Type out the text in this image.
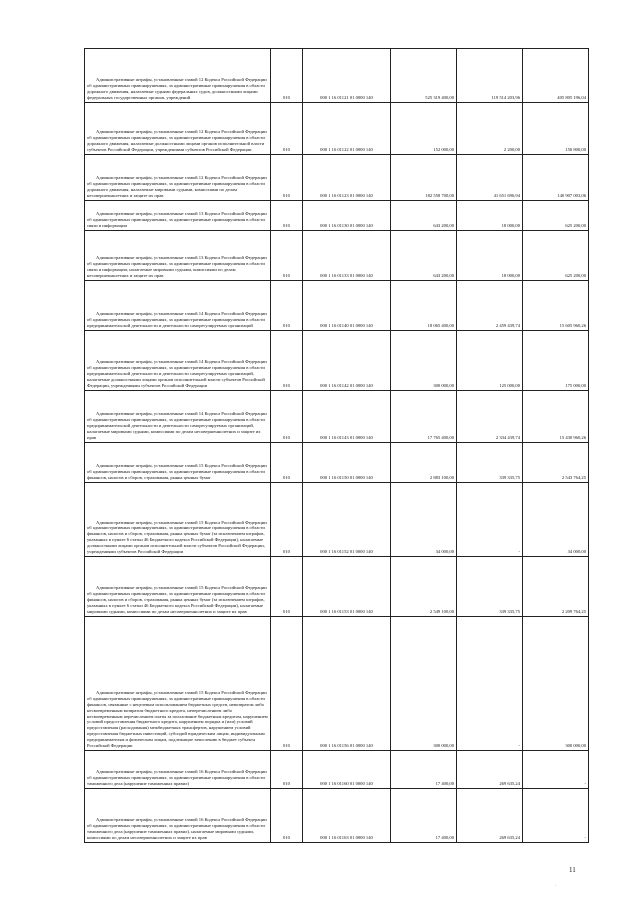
Административные штрафы, установленные главой 12 Кодекса Российской Федерации об административных правонарушениях, за административные правонарушения в области дорожного движения, налагаемые судьями федеральных судов, должностными лицами федеральных государственных органов, учреждений	010	000 1 16 01121 01 0000 140	525 319 400,00	119 514 203,96	405 805 196,04

Административные штрафы, установленные главой 12 Кодекса Российской Федерации об административных правонарушениях, за административные правонарушения в области дорожного движения, налагаемые должностными лицами органов исполнительной власти субъектов Российской Федерации, учреждениями субъектов Российской Федерации	010	000 1 16 01122 01 0000 140	152 000,00	2 200,00	150 800,00

Административные штрафы, установленные главой 12 Кодекса Российской Федерации об административных правонарушениях, за административные правонарушения в области дорожного движения, налагаемые мировыми судьями, комиссиями по делам несовершеннолетних и защите их прав	010	000 1 16 01123 01 0000 140	182 558 700,00	41 651 696,94	140 907 003,06

Административные штрафы, установленные главой 13 Кодекса Российской Федерации об административных правонарушениях, за административные правонарушения в области связи и информации	010	000 1 16 01130 01 0000 140	643 200,00	18 000,00	625 200,00

Административные штрафы, установленные главой 13 Кодекса Российской Федерации об административных правонарушениях, за административные правонарушения в области связи и информации, налагаемые мировыми судьями, комиссиями по делам несовершеннолетних и защите их прав	010	000 1 16 01133 01 0000 140	643 200,00	18 000,00	625 200,00

Административные штрафы, установленные главой 14 Кодекса Российской Федерации об административных правонарушениях, за административные правонарушения в области предпринимательской деятельности и деятельности саморегулируемых организаций	010	000 1 16 01140 01 0000 140	18 065 400,00	2 459 439,74	15 605 960,26

Административные штрафы, установленные главой 14 Кодекса Российской Федерации об административных правонарушениях, за административные правонарушения в области предпринимательской деятельности и деятельности саморегулируемых организаций, налагаемые должностными лицами органов исполнительной власти субъектов Российской Федерации, учреждениями субъектов Российской Федерации	010	000 1 16 01142 01 0000 140	300 000,00	125 000,00	175 000,00

Административные штрафы, установленные главой 14 Кодекса Российской Федерации об административных правонарушениях, за административные правонарушения в области предпринимательской деятельности и деятельности саморегулируемых организаций, налагаемые мировыми судьями, комиссиями по делам несовершеннолетних и защите их прав	010	000 1 16 01143 01 0000 140	17 765 400,00	2 334 439,74	15 430 960,26

Административные штрафы, установленные главой 15 Кодекса Российской Федерации об административных правонарушениях, за административные правонарушения в области финансов, налогов и сборов, страхования, рынка ценных бумаг	010	000 1 16 01150 01 0000 140	2 883 100,00	339 335,75	2 543 764,25

Административные штрафы, установленные главой 15 Кодекса Российской Федерации об административных правонарушениях, за административные правонарушения в области финансов, налогов и сборов, страхования, рынка ценных бумаг (за исключением штрафов, указанных в пункте 6 статьи 46 Бюджетного кодекса Российской Федерации), налагаемые должностными лицами органов исполнительной власти субъектов Российской Федерации, учреждениями субъектов Российской Федерации	010	000 1 16 01152 01 0000 140	34 000,00	-	34 000,00

Административные штрафы, установленные главой 15 Кодекса Российской Федерации об административных правонарушениях, за административные правонарушения в области финансов, налогов и сборов, страхования, рынка ценных бумаг (за исключением штрафов, указанных в пункте 6 статьи 46 Бюджетного кодекса Российской Федерации), налагаемые мировыми судьями, комиссиями по делам несовершеннолетних и защите их прав	010	000 1 16 01153 01 0000 140	2 549 100,00	339 335,75	2 209 764,25

Административные штрафы, установленные главой 15 Кодекса Российской Федерации об административных правонарушениях, за административные правонарушения в области финансов, связанные с нецелевым использованием бюджетных средств, невозвратом либо несвоевременным возвратом бюджетного кредита, неперечислением либо несвоевременным перечислением платы за пользование бюджетным кредитом, нарушением условий предоставления бюджетного кредита, нарушением порядка и (или) условий предоставления (расходования) межбюджетных трансфертов, нарушением условий предоставления бюджетных инвестиций, субсидий юридическим лицам, индивидуальным предпринимателям и физическим лицам, подлежащие зачислению в бюджет субъекта Российской Федерации	010	000 1 16 01156 01 0000 140	300 000,00	-	300 000,00

Административные штрафы, установленные главой 16 Кодекса Российской Федерации об административных правонарушениях, за административные правонарушения в области таможенного дела (нарушение таможенных правил)	010	000 1 16 01160 01 0000 140	17 400,00	269 635,24	-

Административные штрафы, установленные главой 16 Кодекса Российской Федерации об административных правонарушениях, за административные правонарушения в области таможенного дела (нарушение таможенных правил), налагаемые мировыми судьями, комиссиями по делам несовершеннолетних и защите их прав	010	000 1 16 01163 01 0000 140	17 400,00	269 635,24	-
11
·
